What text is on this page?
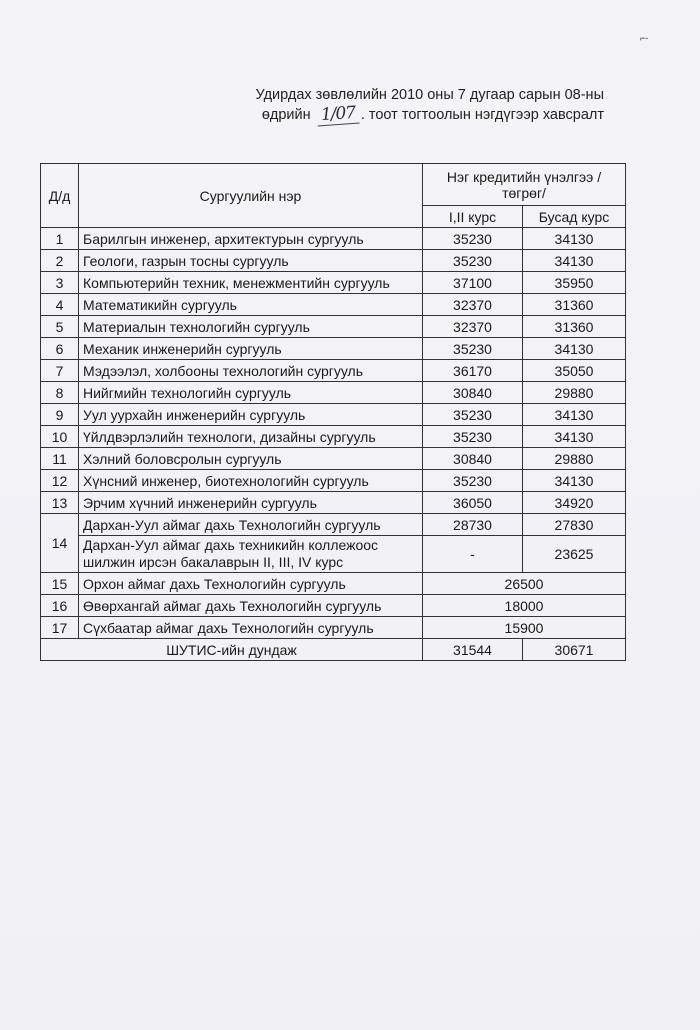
⌐-
Удирдах зөвлөлийн 2010 оны 7 дугаар сарын 08-ны
өдрийн 1/07 . тоот тогтоолын нэгдүгээр хавсралт
Д/д	Сургуулийн нэр	Нэг кредитийн үнэлгээ /төгрөг/	
		I,II курс	Бусад курс
1	Барилгын инженер, архитектурын сургууль	35230	34130
2	Геологи, газрын тосны сургууль	35230	34130
3	Компьютерийн техник, менежментийн сургууль	37100	35950
4	Математикийн сургууль	32370	31360
5	Материалын технологийн сургууль	32370	31360
6	Механик инженерийн сургууль	35230	34130
7	Мэдээлэл, холбооны технологийн сургууль	36170	35050
8	Нийгмийн технологийн сургууль	30840	29880
9	Уул уурхайн инженерийн сургууль	35230	34130
10	Үйлдвэрлэлийн технологи, дизайны сургууль	35230	34130
11	Хэлний боловсролын сургууль	30840	29880
12	Хүнсний инженер, биотехнологийн сургууль	35230	34130
13	Эрчим хүчний инженерийн сургууль	36050	34920
14	Дархан-Уул аймаг дахь Технологийн сургууль	28730	27830
	Дархан-Уул аймаг дахь техникийн коллежоос шилжин ирсэн бакалаврын II, III, IV курс	-	23625
15	Орхон аймаг дахь Технологийн сургууль	26500	
16	Өвөрхангай аймаг дахь Технологийн сургууль	18000	
17	Сүхбаатар аймаг дахь Технологийн сургууль	15900	
ШУТИС-ийн дундаж		31544	30671
